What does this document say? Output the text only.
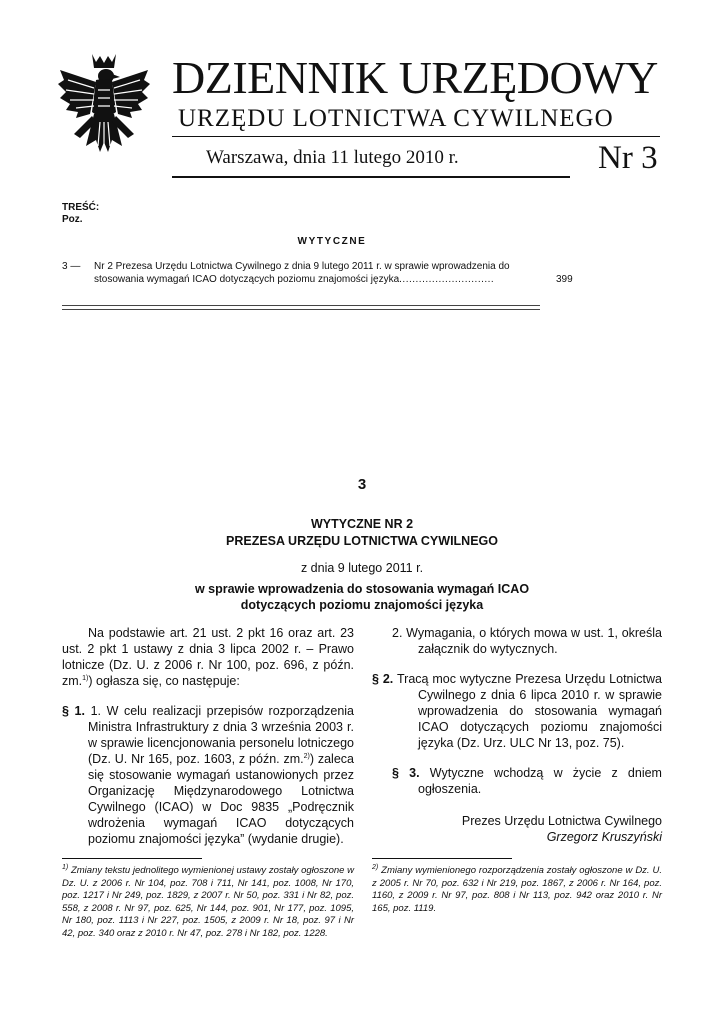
DZIENNIK URZĘDOWY
URZĘDU LOTNICTWA CYWILNEGO
Warszawa, dnia 11 lutego 2010 r.	Nr 3
TREŚĆ:
Poz.
WYTYCZNE
3 — Nr 2 Prezesa Urzędu Lotnictwa Cywilnego z dnia 9 lutego 2011 r. w sprawie wprowadzenia do stosowania wymagań ICAO dotyczących poziomu znajomości języka.............................	399
3
WYTYCZNE NR 2
PREZESA URZĘDU LOTNICTWA CYWILNEGO
z dnia 9 lutego 2011 r.
w sprawie wprowadzenia do stosowania wymagań ICAO
dotyczących poziomu znajomości języka

Na podstawie art. 21 ust. 2 pkt 16 oraz art. 23 ust. 2 pkt 1 ustawy z dnia 3 lipca 2002 r. – Prawo lotnicze (Dz. U. z 2006 r. Nr 100, poz. 696, z późn. zm.$^{1)}$) ogłasza się, co następuje:

§ 1. 1. W celu realizacji przepisów rozporządzenia Ministra Infrastruktury z dnia 3 września 2003 r. w sprawie licencjonowania personelu lotniczego (Dz. U. Nr 165, poz. 1603, z późn. zm.$^{2)}$) zaleca się stosowanie wymagań ustanowionych przez Organizację Międzynarodowego Lotnictwa Cywilnego (ICAO) w Doc 9835 „Podręcznik wdrożenia wymagań ICAO dotyczących poziomu znajomości języka” (wydanie drugie).

2. Wymagania, o których mowa w ust. 1, określa załącznik do wytycznych.

§ 2. Tracą moc wytyczne Prezesa Urzędu Lotnictwa Cywilnego z dnia 6 lipca 2010 r. w sprawie wprowadzenia do stosowania wymagań ICAO dotyczących poziomu znajomości języka (Dz. Urz. ULC Nr 13, poz. 75).

§ 3. Wytyczne wchodzą w życie z dniem ogłoszenia.

Prezes Urzędu Lotnictwa Cywilnego

Grzegorz Kruszyński

$^{1)}$ Zmiany tekstu jednolitego wymienionej ustawy zostały ogłoszone w Dz. U. z 2006 r. Nr 104, poz. 708 i 711, Nr 141, poz. 1008, Nr 170, poz. 1217 i Nr 249, poz. 1829, z 2007 r. Nr 50, poz. 331 i Nr 82, poz. 558, z 2008 r. Nr 97, poz. 625, Nr 144, poz. 901, Nr 177, poz. 1095, Nr 180, poz. 1113 i Nr 227, poz. 1505, z 2009 r. Nr 18, poz. 97 i Nr 42, poz. 340 oraz z 2010 r. Nr 47, poz. 278 i Nr 182, poz. 1228.

$^{2)}$ Zmiany wymienionego rozporządzenia zostały ogłoszone w Dz. U. z 2005 r. Nr 70, poz. 632 i Nr 219, poz. 1867, z 2006 r. Nr 164, poz. 1160, z 2009 r. Nr 97, poz. 808 i Nr 113, poz. 942 oraz 2010 r. Nr 165, poz. 1119.
